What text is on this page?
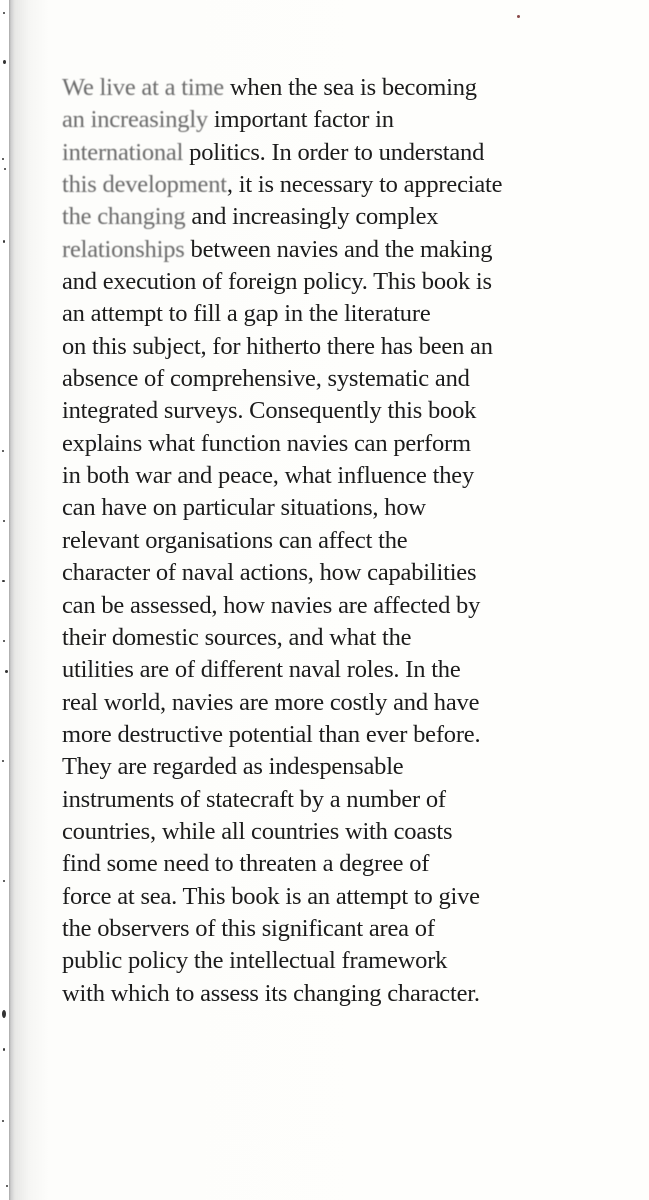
We live at a time when the sea is becoming
an increasingly important factor in
international politics. In order to understand
this development, it is necessary to appreciate
the changing and increasingly complex
relationships between navies and the making
and execution of foreign policy. This book is
an attempt to fill a gap in the literature
on this subject, for hitherto there has been an
absence of comprehensive, systematic and
integrated surveys. Consequently this book
explains what function navies can perform
in both war and peace, what influence they
can have on particular situations, how
relevant organisations can affect the
character of naval actions, how capabilities
can be assessed, how navies are affected by
their domestic sources, and what the
utilities are of different naval roles. In the
real world, navies are more costly and have
more destructive potential than ever before.
They are regarded as indespensable
instruments of statecraft by a number of
countries, while all countries with coasts
find some need to threaten a degree of
force at sea. This book is an attempt to give
the observers of this significant area of
public policy the intellectual framework
with which to assess its changing character.
